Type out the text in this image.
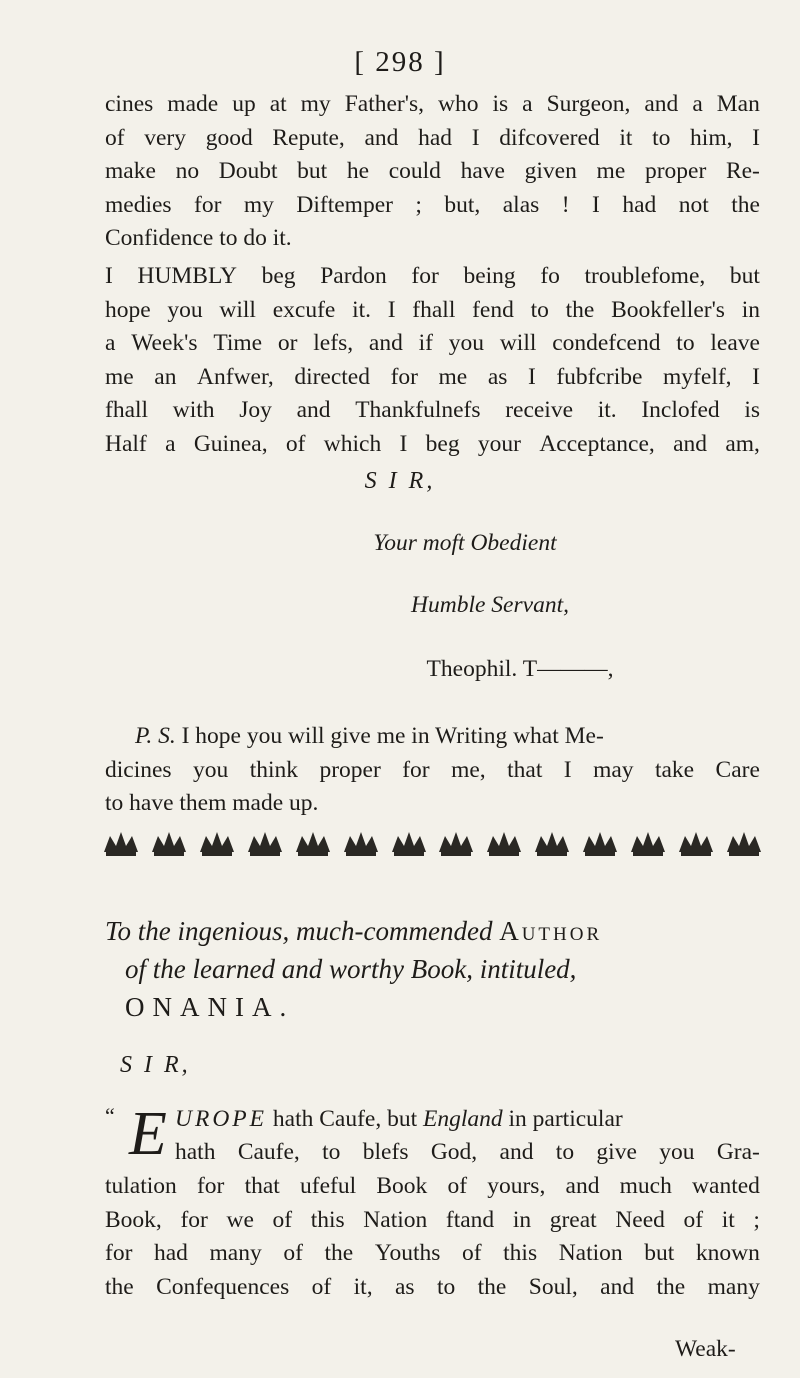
[ 298 ]
cines made up at my Father's, who is a Surgeon, and a Man
of very good Repute, and had I difcovered it to him, I
make no Doubt but he could have given me proper Re-
medies for my Diftemper ; but, alas ! I had not the
Confidence to do it.
I HUMBLY beg Pardon for being fo troublefome, but
hope you will excufe it. I fhall fend to the Bookfeller's in
a Week's Time or lefs, and if you will condefcend to leave
me an Anfwer, directed for me as I fubfcribe myfelf, I
fhall with Joy and Thankfulnefs receive it. Inclofed is
Half a Guinea, of which I beg your Acceptance, and am,
S I R,
Your moft Obedient
Humble Servant,
Theophil. T———,
P. S. I hope you will give me in Writing what Me-
dicines you think proper for me, that I may take Care
to have them made up.
To the ingenious, much-commended Author
of the learned and worthy Book, intituled,
ONANIA.
S I R,
“ E UROPE hath Caufe, but England in particular
hath Caufe, to blefs God, and to give you Gra-
tulation for that ufeful Book of yours, and much wanted
Book, for we of this Nation ftand in great Need of it ;
for had many of the Youths of this Nation but known
the Confequences of it, as to the Soul, and the many
Weak-
